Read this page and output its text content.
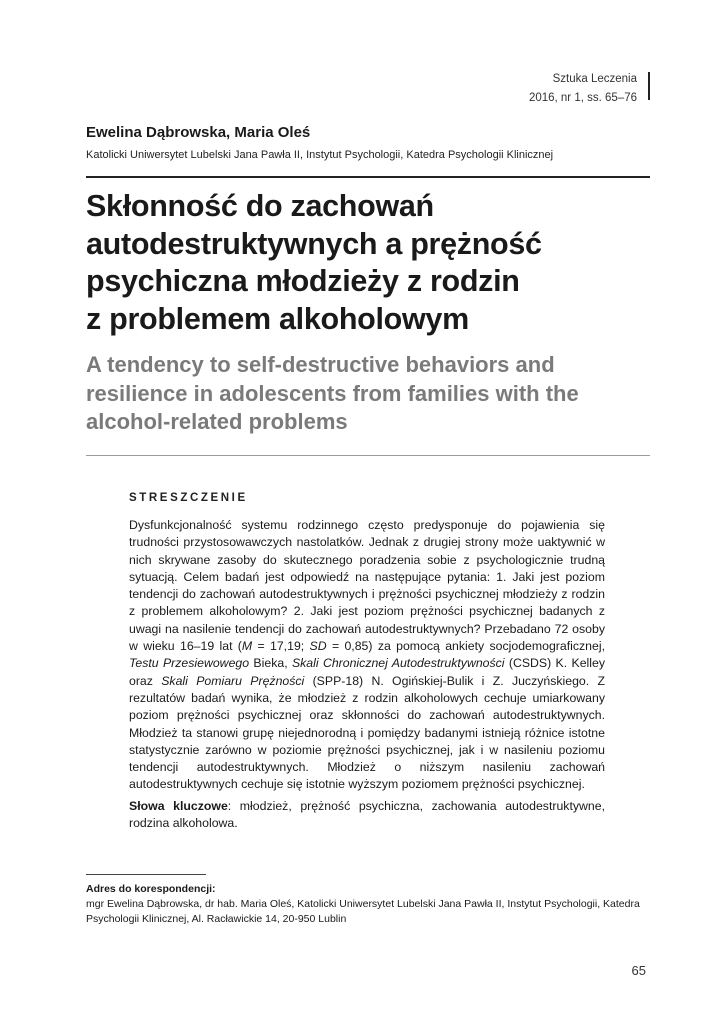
Sztuka Leczenia
2016, nr 1, ss. 65–76
Ewelina Dąbrowska, Maria Oleś
Katolicki Uniwersytet Lubelski Jana Pawła II, Instytut Psychologii, Katedra Psychologii Klinicznej
Skłonność do zachowań
autodestruktywnych a prężność
psychiczna młodzieży z rodzin
z problemem alkoholowym
A tendency to self-destructive behaviors and
resilience in adolescents from families with the
alcohol-related problems
STRESZCZENIE
Dysfunkcjonalność systemu rodzinnego często predysponuje do pojawienia się trudności przystosowawczych nastolatków. Jednak z drugiej strony może uaktywnić w nich skrywane zasoby do skutecznego poradzenia sobie z psychologicznie trudną sytuacją. Celem badań jest odpowiedź na następujące pytania: 1. Jaki jest poziom tendencji do zachowań autodestruktywnych i prężności psychicznej młodzieży z rodzin z problemem alkoholowym? 2. Jaki jest poziom prężności psychicznej badanych z uwagi na nasilenie tendencji do zachowań autodestruktywnych? Przebadano 72 osoby w wieku 16–19 lat (M = 17,19; SD = 0,85) za pomocą ankiety socjodemograficznej, Testu Przesiewowego Bieka, Skali Chronicznej Autodestruktywności (CSDS) K. Kelley oraz Skali Pomiaru Prężności (SPP-18) N. Ogińskiej-Bulik i Z. Juczyńskiego. Z rezultatów badań wynika, że młodzież z rodzin alkoholowych cechuje umiarkowany poziom prężności psychicznej oraz skłonności do zachowań autodestruktywnych. Młodzież ta stanowi grupę niejednorodną i pomiędzy badanymi istnieją różnice istotne statystycznie zarówno w poziomie prężności psychicznej, jak i w nasileniu poziomu tendencji autodestruktywnych. Młodzież o niższym nasileniu zachowań autodestruktywnych cechuje się istotnie wyższym poziomem prężności psychicznej.
Słowa kluczowe: młodzież, prężność psychiczna, zachowania autodestruktywne, rodzina alkoholowa.
Adres do korespondencji:
mgr Ewelina Dąbrowska, dr hab. Maria Oleś, Katolicki Uniwersytet Lubelski Jana Pawła II, Instytut Psychologii, Katedra Psychologii Klinicznej, Al. Racławickie 14, 20-950 Lublin
65
